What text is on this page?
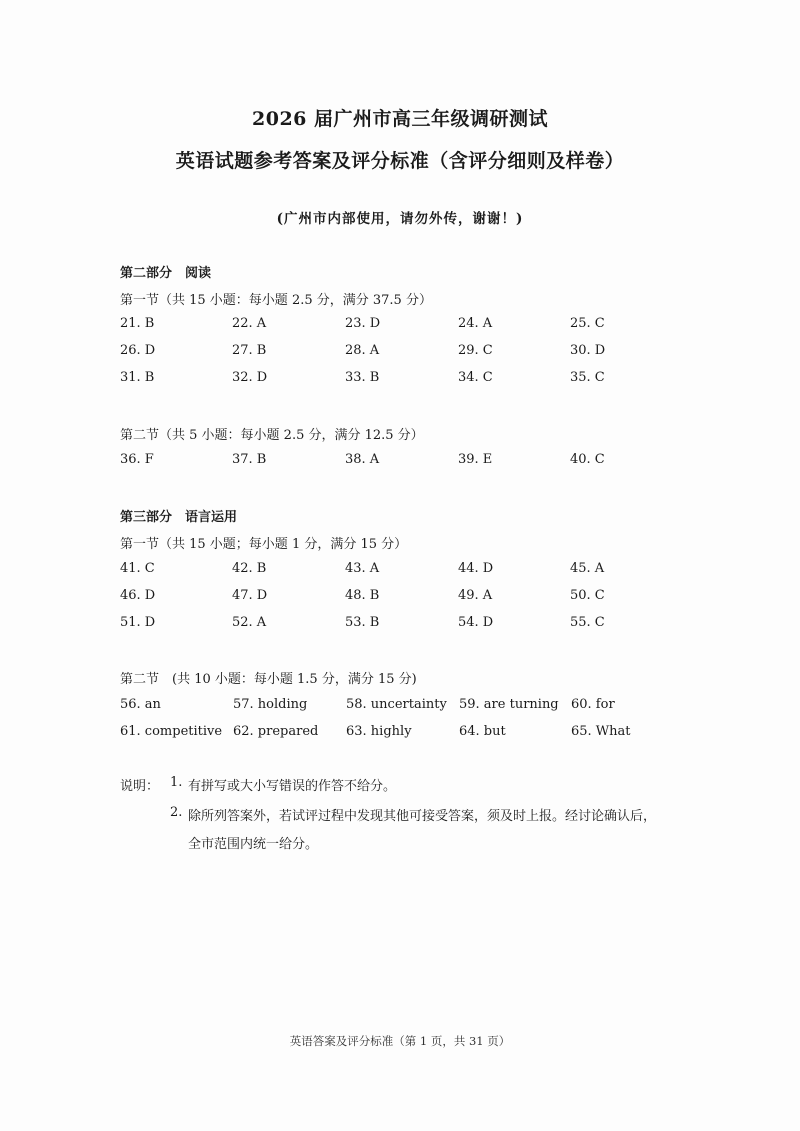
2026 届广州市高三年级调研测试
英语试题参考答案及评分标准（含评分细则及样卷）
(广州市内部使用，请勿外传，谢谢！)
第二部分　阅读
第一节（共 15 小题：每小题 2.5 分，满分 37.5 分）
21. B	22. A	23. D	24. A	25. C
26. D	27. B	28. A	29. C	30. D
31. B	32. D	33. B	34. C	35. C
第二节（共 5 小题：每小题 2.5 分，满分 12.5 分）
36. F	37. B	38. A	39. E	40. C
第三部分　语言运用
第一节（共 15 小题；每小题 1 分，满分 15 分）
41. C	42. B	43. A	44. D	45. A
46. D	47. D	48. B	49. A	50. C
51. D	52. A	53. B	54. D	55. C
第二节　(共 10 小题：每小题 1.5 分，满分 15 分)
56. an	57. holding	58. uncertainty 59. are turning 60. for
61. competitive 62. prepared 63. highly	64. but	65. What
说明： 1. 有拼写或大小写错误的作答不给分。
2. 除所列答案外，若试评过程中发现其他可接受答案，须及时上报。经讨论确认后，
全市范围内统一给分。
英语答案及评分标准（第 1 页，共 31 页）
